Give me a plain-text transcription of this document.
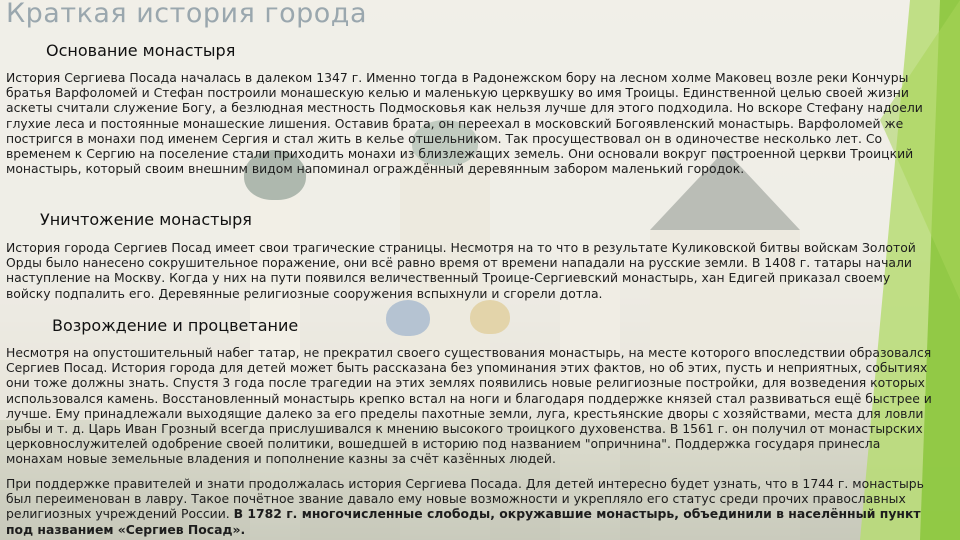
Краткая история города
Основание монастыря

История Сергиева Посада началась в далеком 1347 г. Именно тогда в Радонежском бору на лесном холме Маковец возле реки Кончуры братья Варфоломей и Стефан построили монашескую келью и маленькую церквушку во имя Троицы. Единственной целью своей жизни аскеты считали служение Богу, а безлюдная местность Подмосковья как нельзя лучше для этого подходила. Но вскоре Стефану надоели глухие леса и постоянные монашеские лишения. Оставив брата, он переехал в московский Богоявленский монастырь. Варфоломей же постригся в монахи под именем Сергия и стал жить в келье отшельником. Так просуществовал он в одиночестве несколько лет. Со временем к Сергию на поселение стали приходить монахи из близлежащих земель. Они основали вокруг построенной церкви Троицкий монастырь, который своим внешним видом напоминал ограждённый деревянным забором маленький городок.

Уничтожение монастыря

История города Сергиев Посад имеет свои трагические страницы. Несмотря на то что в результате Куликовской битвы войскам Золотой Орды было нанесено сокрушительное поражение, они всё равно время от времени нападали на русские земли. В 1408 г. татары начали наступление на Москву. Когда у них на пути появился величественный Троице-Сергиевский монастырь, хан Едигей приказал своему войску подпалить его. Деревянные религиозные сооружения вспыхнули и сгорели дотла.

Возрождение и процветание

Несмотря на опустошительный набег татар, не прекратил своего существования монастырь, на месте которого впоследствии образовался Сергиев Посад. История города для детей может быть рассказана без упоминания этих фактов, но об этих, пусть и неприятных, событиях они тоже должны знать. Спустя 3 года после трагедии на этих землях появились новые религиозные постройки, для возведения которых использовался камень. Восстановленный монастырь крепко встал на ноги и благодаря поддержке князей стал развиваться ещё быстрее и лучше. Ему принадлежали выходящие далеко за его пределы пахотные земли, луга, крестьянские дворы с хозяйствами, места для ловли рыбы и т. д. Царь Иван Грозный всегда прислушивался к мнению высокого троицкого духовенства. В 1561 г. он получил от монастырских церковнослужителей одобрение своей политики, вошедшей в историю под названием "опричнина". Поддержка государя принесла монахам новые земельные владения и пополнение казны за счёт казённых людей.

При поддержке правителей и знати продолжалась история Сергиева Посада. Для детей интересно будет узнать, что в 1744 г. монастырь был переименован в лавру. Такое почётное звание давало ему новые возможности и укрепляло его статус среди прочих православных религиозных учреждений России. В 1782 г. многочисленные слободы, окружавшие монастырь, объединили в населённый пункт под названием «Сергиев Посад».
